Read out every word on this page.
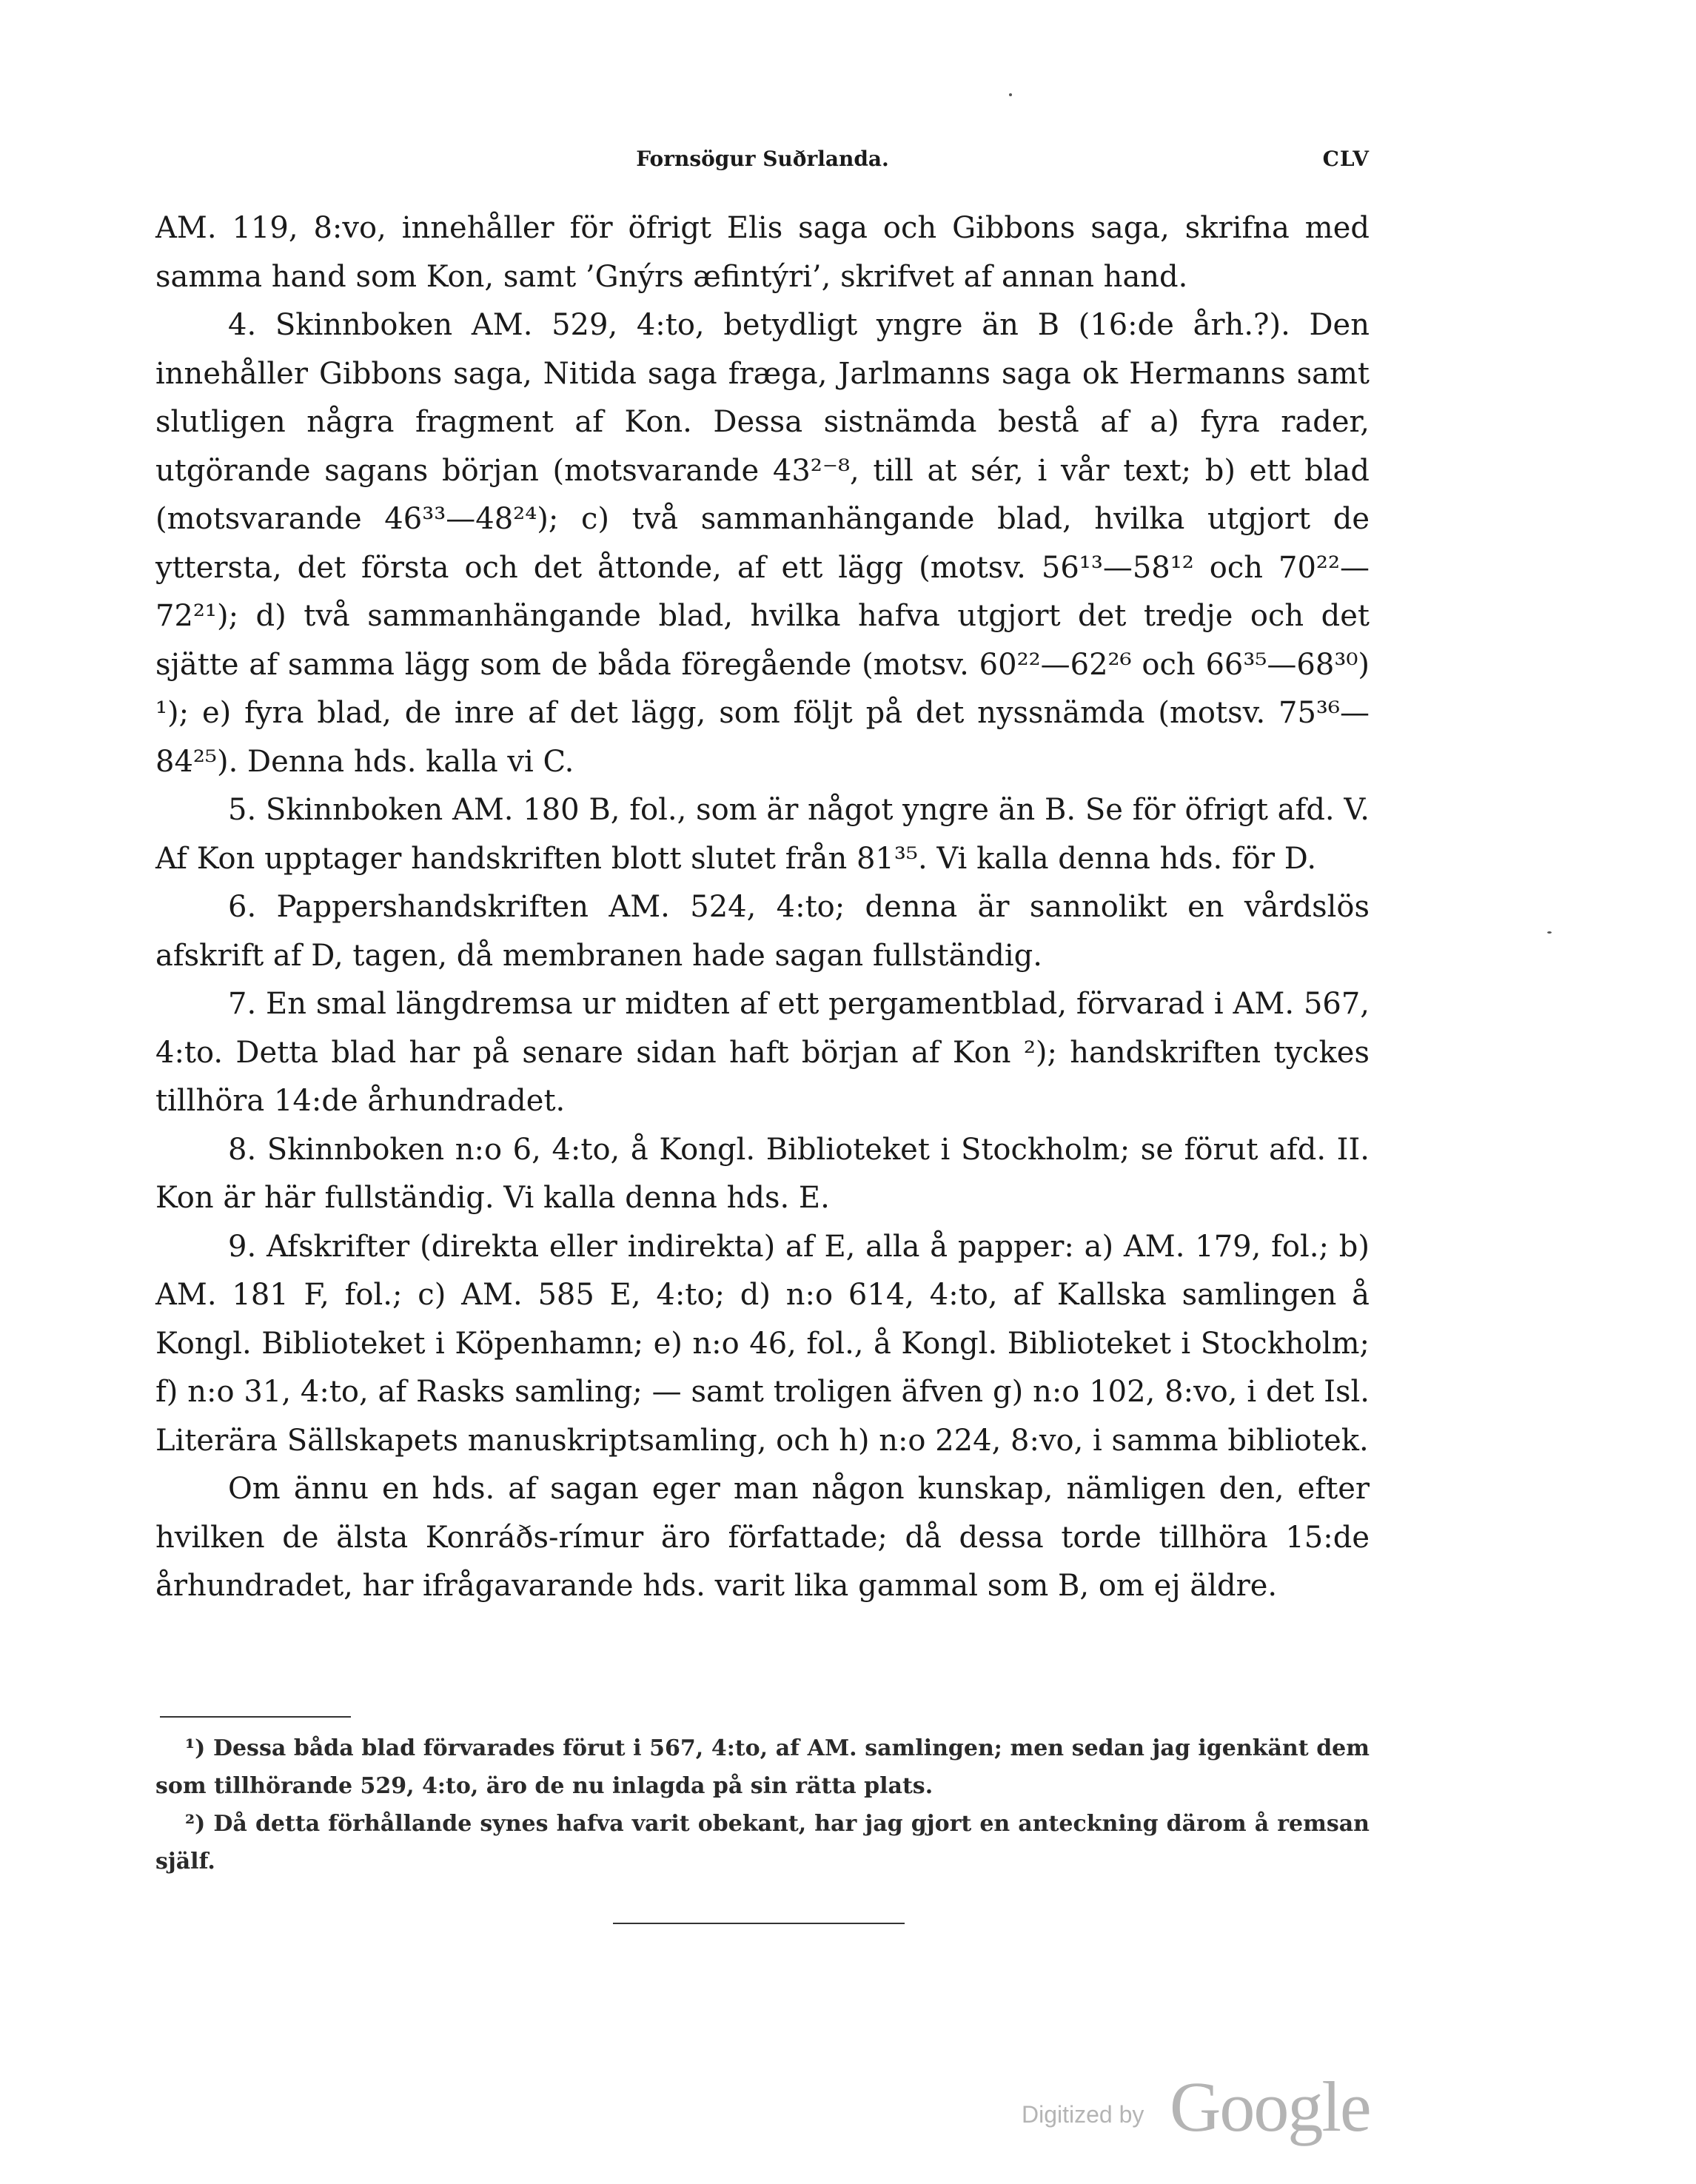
Fornsögur Suðrlanda.	CLV

AM. 119, 8:vo, innehåller för öfrigt Elis saga och Gibbons saga, skrifna med samma hand som Kon, samt ’Gnýrs æfintýri’, skrifvet af annan hand.

4. Skinnboken AM. 529, 4:to, betydligt yngre än B (16:de årh.?). Den innehåller Gibbons saga, Nitida saga fræga, Jarlmanns saga ok Hermanns samt slutligen några fragment af Kon. Dessa sistnämda bestå af a) fyra rader, utgörande sagans början (motsvarande 43²⁻⁸, till at sér, i vår text; b) ett blad (motsvarande 46³³—48²⁴); c) två sammanhängande blad, hvilka utgjort de yttersta, det första och det åttonde, af ett lägg (motsv. 56¹³—58¹² och 70²²—72²¹); d) två sammanhängande blad, hvilka hafva utgjort det tredje och det sjätte af samma lägg som de båda föregående (motsv. 60²²—62²⁶ och 66³⁵—68³⁰) ¹); e) fyra blad, de inre af det lägg, som följt på det nyssnämda (motsv. 75³⁶—84²⁵). Denna hds. kalla vi C.

5. Skinnboken AM. 180 B, fol., som är något yngre än B. Se för öfrigt afd. V. Af Kon upptager handskriften blott slutet från 81³⁵. Vi kalla denna hds. för D.

6. Pappershandskriften AM. 524, 4:to; denna är sannolikt en vårdslös afskrift af D, tagen, då membranen hade sagan fullständig.

7. En smal längdremsa ur midten af ett pergamentblad, förvarad i AM. 567, 4:to. Detta blad har på senare sidan haft början af Kon ²); handskriften tyckes tillhöra 14:de århundradet.

8. Skinnboken n:o 6, 4:to, å Kongl. Biblioteket i Stockholm; se förut afd. II. Kon är här fullständig. Vi kalla denna hds. E.

9. Afskrifter (direkta eller indirekta) af E, alla å papper: a) AM. 179, fol.; b) AM. 181 F, fol.; c) AM. 585 E, 4:to; d) n:o 614, 4:to, af Kallska samlingen å Kongl. Biblioteket i Köpenhamn; e) n:o 46, fol., å Kongl. Biblioteket i Stockholm; f) n:o 31, 4:to, af Rasks samling; — samt troligen äfven g) n:o 102, 8:vo, i det Isl. Literära Sällskapets manuskriptsamling, och h) n:o 224, 8:vo, i samma bibliotek.

Om ännu en hds. af sagan eger man någon kunskap, nämligen den, efter hvilken de älsta Konráðs-rímur äro författade; då dessa torde tillhöra 15:de århundradet, har ifrågavarande hds. varit lika gammal som B, om ej äldre.

¹) Dessa båda blad förvarades förut i 567, 4:to, af AM. samlingen; men sedan jag igenkänt dem som tillhörande 529, 4:to, äro de nu inlagda på sin rätta plats.

²) Då detta förhållande synes hafva varit obekant, har jag gjort en anteckning därom å remsan själf.

Digitized by Google
